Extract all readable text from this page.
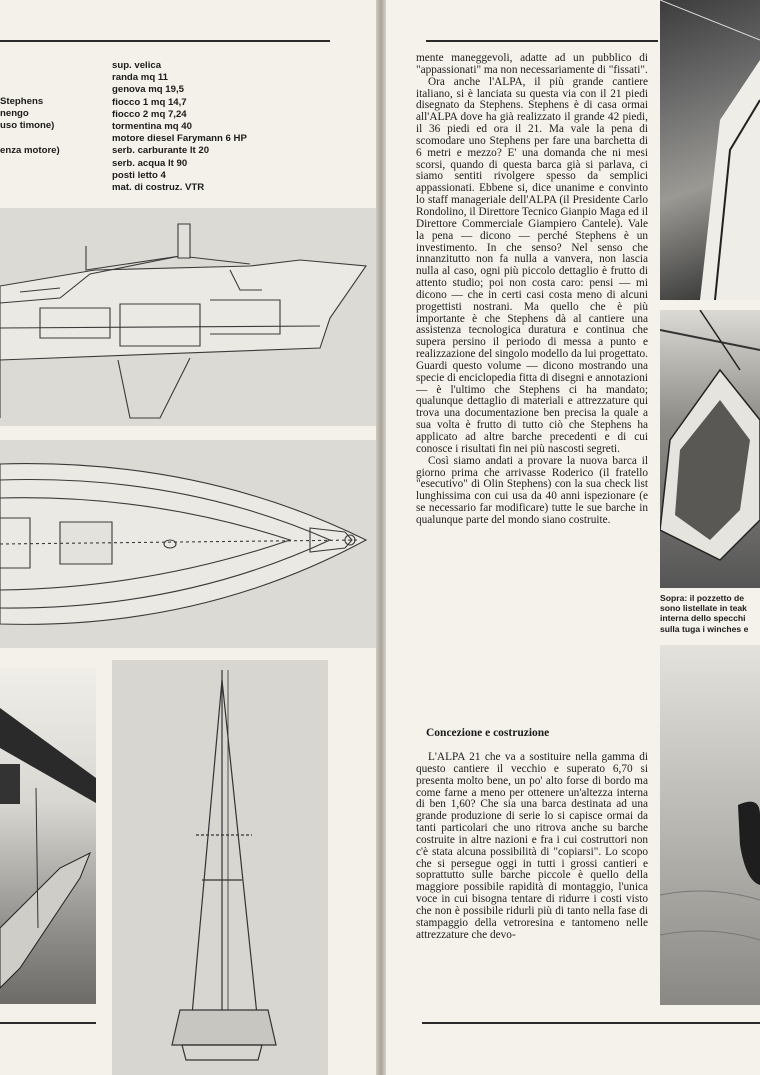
Stephens
nengo
uso timone)
enza motore)
sup. velica
randa mq 11
genova mq 19,5
fiocco 1 mq 14,7
fiocco 2 mq 7,24
tormentina mq 40
motore diesel Farymann 6 HP
serb. carburante lt 20
serb. acqua lt 90
posti letto 4
mat. di costruz. VTR

mente maneggevoli, adatte ad un pubblico di "appassionati" ma non necessariamente di "fissati".

Ora anche l'ALPA, il più grande cantiere italiano, si è lanciata su questa via con il 21 piedi disegnato da Stephens. Stephens è di casa ormai all'ALPA dove ha già realizzato il grande 42 piedi, il 36 piedi ed ora il 21. Ma vale la pena di scomodare uno Stephens per fare una barchetta di 6 metri e mezzo? E' una domanda che ni mesi scorsi, quando di questa barca già si parlava, ci siamo sentiti rivolgere spesso da semplici appassionati. Ebbene si, dice unanime e convinto lo staff manageriale dell'ALPA (il Presidente Carlo Rondolino, il Direttore Tecnico Gianpio Maga ed il Direttore Commerciale Giampiero Cantele). Vale la pena — dicono — perché Stephens è un investimento. In che senso? Nel senso che innanzitutto non fa nulla a vanvera, non lascia nulla al caso, ogni più piccolo dettaglio è frutto di attento studio; poi non costa caro: pensi — mi dicono — che in certi casi costa meno di alcuni progettisti nostrani. Ma quello che è più importante è che Stephens dà al cantiere una assistenza tecnologica duratura e continua che supera persino il periodo di messa a punto e realizzazione del singolo modello da lui progettato. Guardi questo volume — dicono mostrando una specie di enciclopedia fitta di disegni e annotazioni — è l'ultimo che Stephens ci ha mandato; qualunque dettaglio di materiali e attrezzature qui trova una documentazione ben precisa la quale a sua volta è frutto di tutto ciò che Stephens ha applicato ad altre barche precedenti e di cui conosce i risultati fin nei più nascosti segreti.

Così siamo andati a provare la nuova barca il giorno prima che arrivasse Roderico (il fratello "esecutivo" di Olin Stephens) con la sua check list lunghissima con cui usa da 40 anni ispezionare (e se necessario far modificare) tutte le sue barche in qualunque parte del mondo siano costruite.

Concezione e costruzione

L'ALPA 21 che va a sostituire nella gamma di questo cantiere il vecchio e superato 6,70 si presenta molto bene, un po' alto forse di bordo ma come farne a meno per ottenere un'altezza interna di ben 1,60? Che sia una barca destinata ad una grande produzione di serie lo si capisce ormai da tanti particolari che uno ritrova anche su barche costruite in altre nazioni e fra i cui costruttori non c'è stata alcuna possibilità di "copiarsi". Lo scopo che si persegue oggi in tutti i grossi cantieri e soprattutto sulle barche piccole è quello della maggiore possibile rapidità di montaggio, l'unica voce in cui bisogna tentare di ridurre i costi visto che non è possibile ridurli più di tanto nella fase di stampaggio della vetroresina e tantomeno nelle attrezzature che devo-

Sopra: il pozzetto de
sono listellate in teak
interna dello specchi
sulla tuga i winches e
